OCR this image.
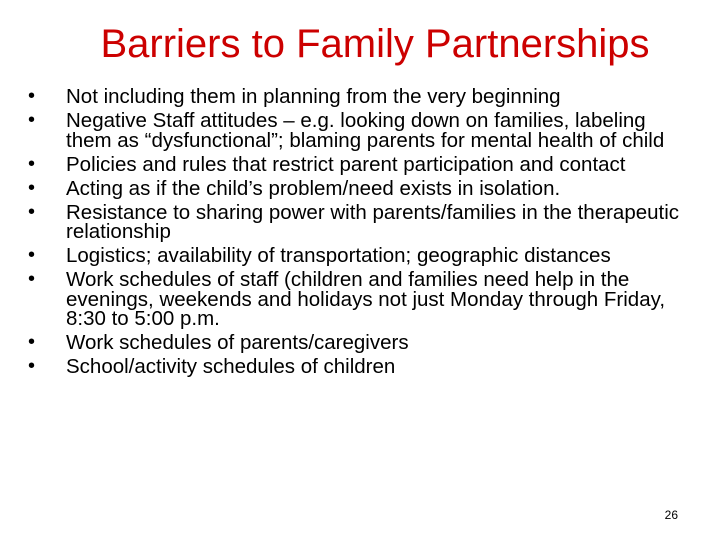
Barriers to Family Partnerships
• Not including them in planning from the very beginning
• Negative Staff attitudes – e.g. looking down on families, labeling them as “dysfunctional”; blaming parents for mental health of child
• Policies and rules that restrict parent participation and contact
• Acting as if the child’s problem/need exists in isolation.
• Resistance to sharing power with parents/families in the therapeutic relationship
• Logistics; availability of transportation; geographic distances
• Work schedules of staff (children and families need help in the evenings, weekends and holidays not just Monday through Friday, 8:30 to 5:00 p.m.
• Work schedules of parents/caregivers
• School/activity schedules of children
26
